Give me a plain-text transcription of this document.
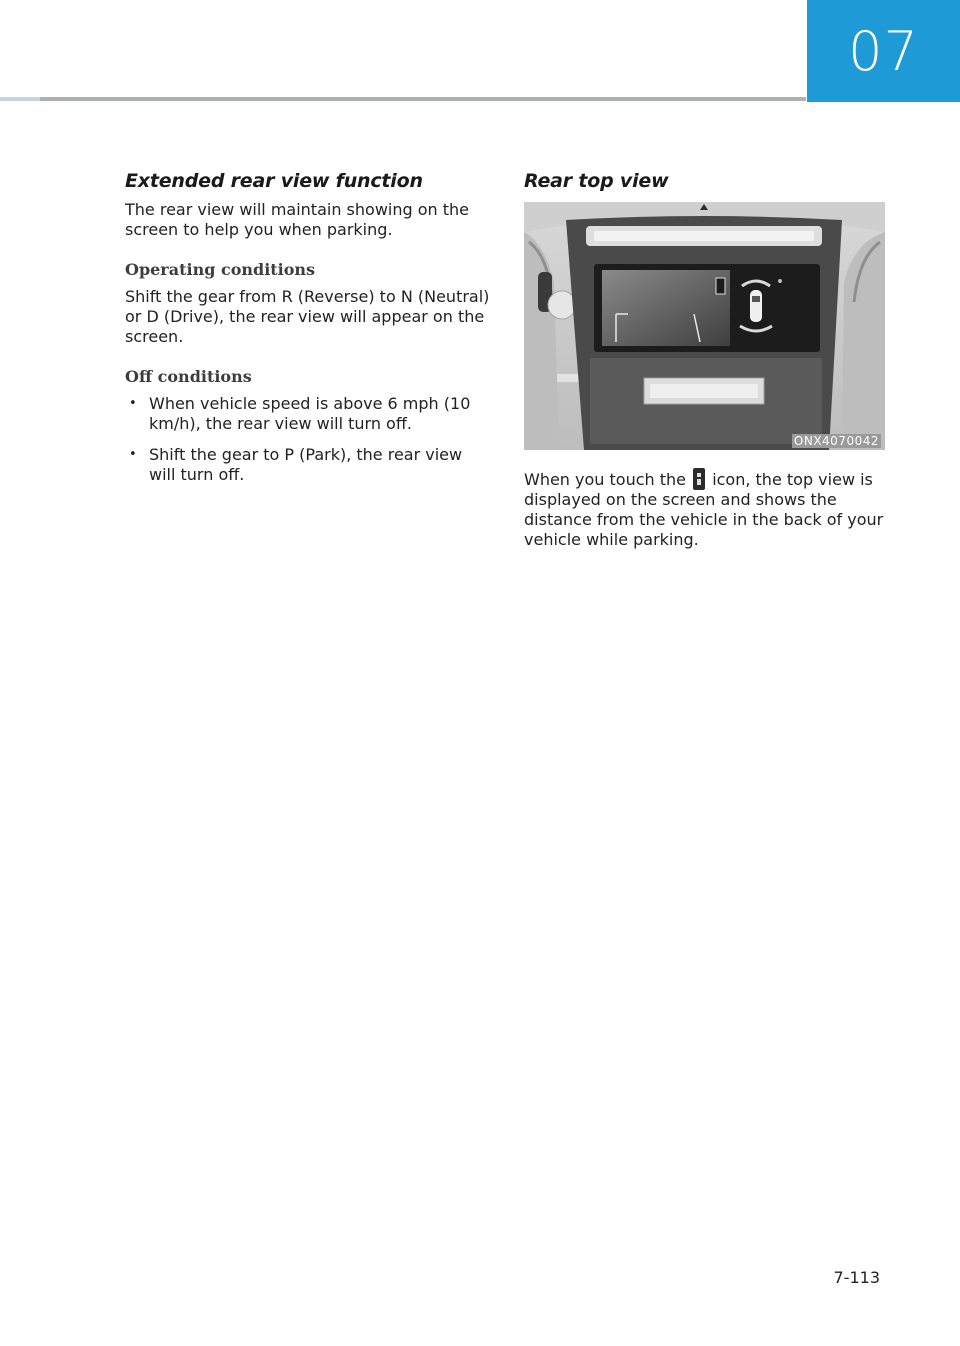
07
Extended rear view function

The rear view will maintain showing on the screen to help you when parking.

Operating conditions

Shift the gear from R (Reverse) to N (Neutral) or D (Drive), the rear view will appear on the screen.

Off conditions
• When vehicle speed is above 6 mph (10 km/h), the rear view will turn off.
• Shift the gear to P (Park), the rear view will turn off.
Rear top view
ONX4070042

When you touch the icon, the top view is displayed on the screen and shows the distance from the vehicle in the back of your vehicle while parking.

7-113
